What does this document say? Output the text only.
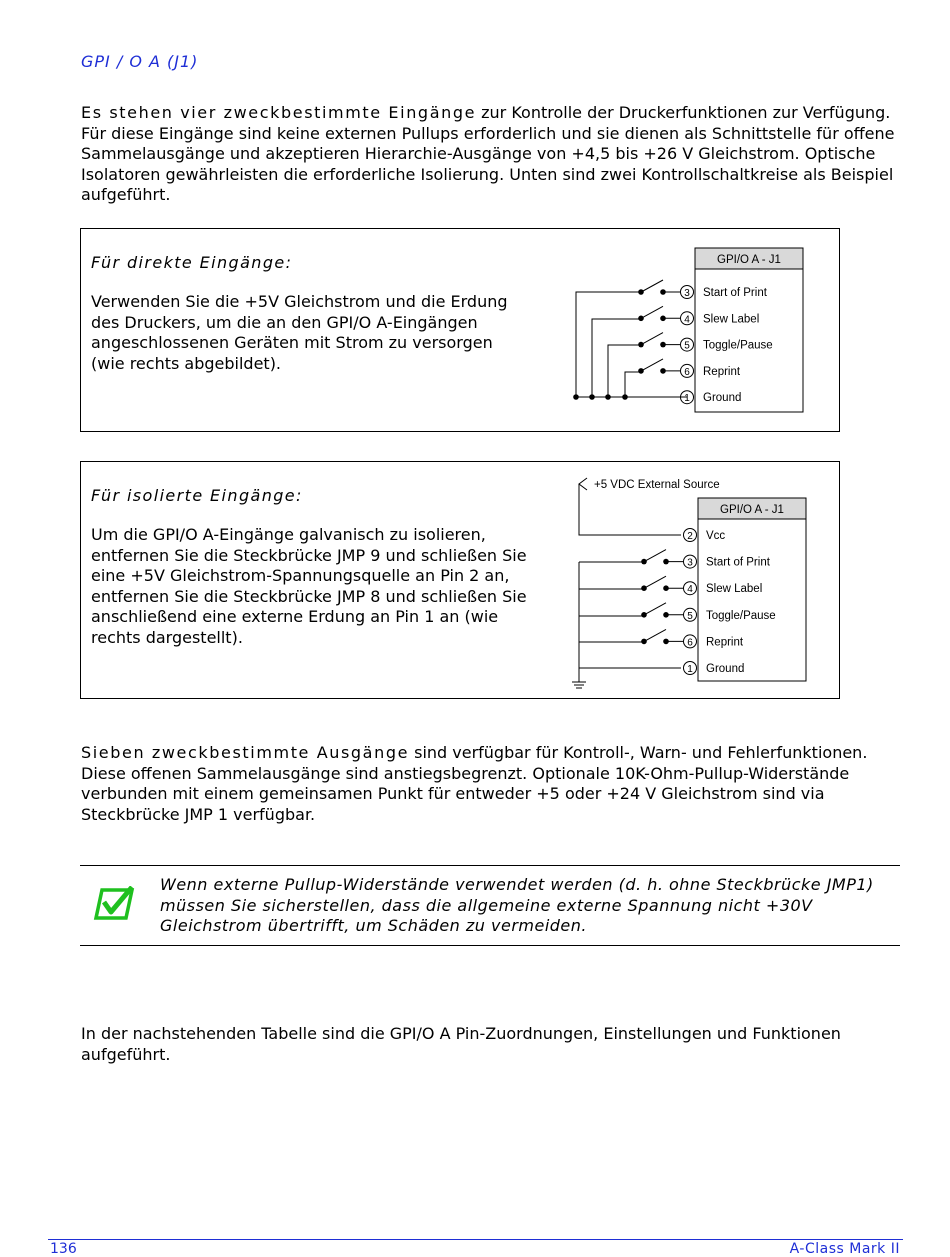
GPI / O A (J1)

Es stehen vier zweckbestimmte Eingänge zur Kontrolle der Druckerfunktionen zur Verfügung. Für diese Eingänge sind keine externen Pullups erforderlich und sie dienen als Schnittstelle für offene Sammelausgänge und akzeptieren Hierarchie-Ausgänge von +4,5 bis +26 V Gleichstrom. Optische Isolatoren gewährleisten die erforderliche Isolierung. Unten sind zwei Kontrollschaltkreise als Beispiel aufgeführt.

Für direkte Eingänge:

Verwenden Sie die +5V Gleichstrom und die Erdung des Druckers, um die an den GPI/O A-Eingängen angeschlossenen Geräten mit Strom zu versorgen (wie rechts abgebildet).

GPI/O A - J1
3 Start of Print
4 Slew Label
5 Toggle/Pause
6 Reprint
1 Ground
Für isolierte Eingänge:

Um die GPI/O A-Eingänge galvanisch zu isolieren, entfernen Sie die Steckbrücke JMP 9 und schließen Sie eine +5V Gleichstrom-Spannungsquelle an Pin 2 an, entfernen Sie die Steckbrücke JMP 8 und schließen Sie anschließend eine externe Erdung an Pin 1 an (wie rechts dargestellt).

+5 VDC External Source
GPI/O A - J1
2 Vcc
3 Start of Print
4 Slew Label
5 Toggle/Pause
6 Reprint
1 Ground

Sieben zweckbestimmte Ausgänge sind verfügbar für Kontroll-, Warn- und Fehlerfunktionen. Diese offenen Sammelausgänge sind anstiegsbegrenzt. Optionale 10K-Ohm-Pullup-Widerstände verbunden mit einem gemeinsamen Punkt für entweder +5 oder +24 V Gleichstrom sind via Steckbrücke JMP 1 verfügbar.

Wenn externe Pullup-Widerstände verwendet werden (d. h. ohne Steckbrücke JMP1) müssen Sie sicherstellen, dass die allgemeine externe Spannung nicht +30V Gleichstrom übertrifft, um Schäden zu vermeiden.

In der nachstehenden Tabelle sind die GPI/O A Pin-Zuordnungen, Einstellungen und Funktionen aufgeführt.

136	A-Class Mark II
